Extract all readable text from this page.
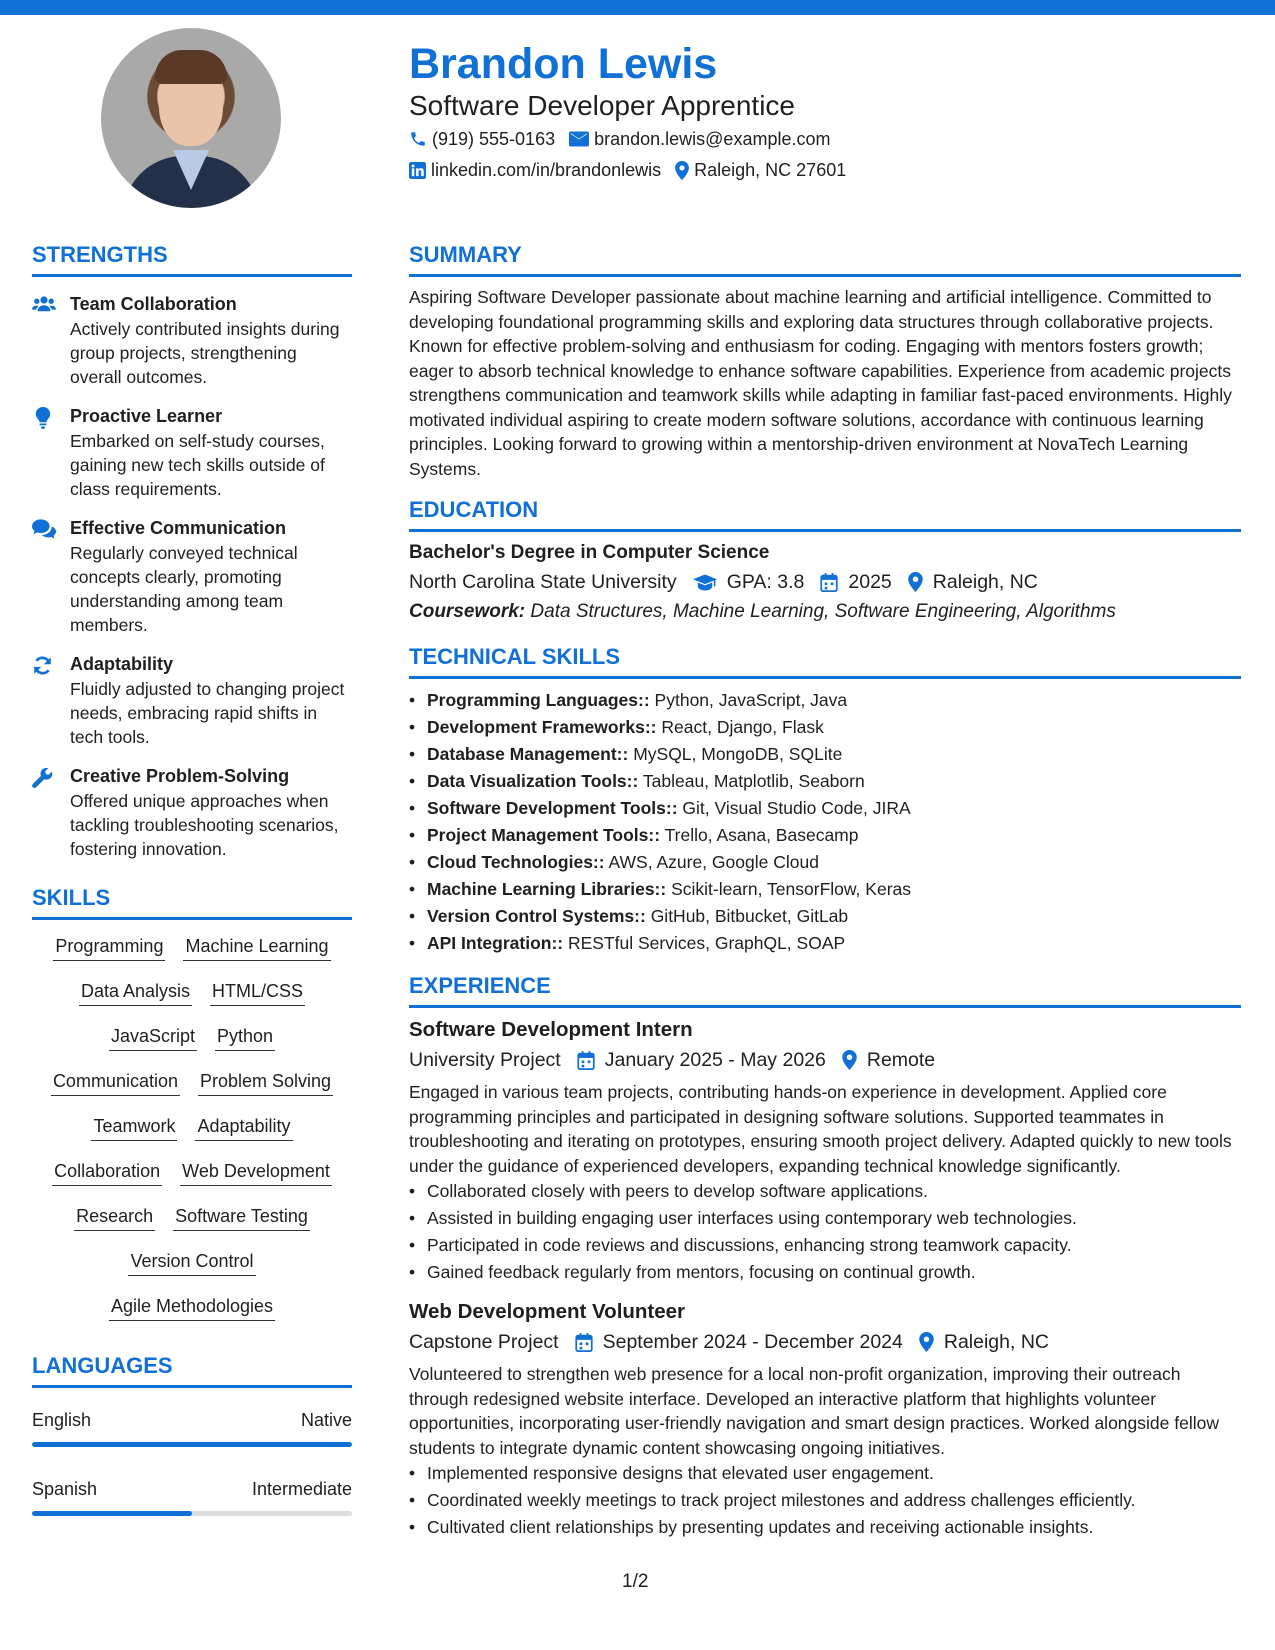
Brandon Lewis
Software Developer Apprentice
(919) 555-0163 brandon.lewis@example.com
linkedin.com/in/brandonlewis Raleigh, NC 27601
STRENGTHS
Team Collaboration
Actively contributed insights during group projects, strengthening overall outcomes.
Proactive Learner
Embarked on self-study courses, gaining new tech skills outside of class requirements.
Effective Communication
Regularly conveyed technical concepts clearly, promoting understanding among team members.
Adaptability
Fluidly adjusted to changing project needs, embracing rapid shifts in tech tools.
Creative Problem-Solving
Offered unique approaches when tackling troubleshooting scenarios, fostering innovation.
SKILLS
Programming Machine Learning
Data Analysis HTML/CSS
JavaScript Python
Communication Problem Solving
Teamwork Adaptability
Collaboration Web Development
Research Software Testing
Version Control
Agile Methodologies
LANGUAGES
English	Native
Spanish	Intermediate
SUMMARY
Aspiring Software Developer passionate about machine learning and artificial intelligence. Committed to developing foundational programming skills and exploring data structures through collaborative projects. Known for effective problem-solving and enthusiasm for coding. Engaging with mentors fosters growth; eager to absorb technical knowledge to enhance software capabilities. Experience from academic projects strengthens communication and teamwork skills while adapting in familiar fast-paced environments. Highly motivated individual aspiring to create modern software solutions, accordance with continuous learning principles. Looking forward to growing within a mentorship-driven environment at NovaTech Learning Systems.
EDUCATION
Bachelor's Degree in Computer Science
North Carolina State University	GPA: 3.8 2025 Raleigh, NC
Coursework: Data Structures, Machine Learning, Software Engineering, Algorithms
TECHNICAL SKILLS
• Programming Languages:: Python, JavaScript, Java
• Development Frameworks:: React, Django, Flask
• Database Management:: MySQL, MongoDB, SQLite
• Data Visualization Tools:: Tableau, Matplotlib, Seaborn
• Software Development Tools:: Git, Visual Studio Code, JIRA
• Project Management Tools:: Trello, Asana, Basecamp
• Cloud Technologies:: AWS, Azure, Google Cloud
• Machine Learning Libraries:: Scikit-learn, TensorFlow, Keras
• Version Control Systems:: GitHub, Bitbucket, GitLab
• API Integration:: RESTful Services, GraphQL, SOAP
EXPERIENCE
Software Development Intern
University Project January 2025 - May 2026 Remote
Engaged in various team projects, contributing hands-on experience in development. Applied core programming principles and participated in designing software solutions. Supported teammates in troubleshooting and iterating on prototypes, ensuring smooth project delivery. Adapted quickly to new tools under the guidance of experienced developers, expanding technical knowledge significantly.
• Collaborated closely with peers to develop software applications.
• Assisted in building engaging user interfaces using contemporary web technologies.
• Participated in code reviews and discussions, enhancing strong teamwork capacity.
• Gained feedback regularly from mentors, focusing on continual growth.
Web Development Volunteer
Capstone Project September 2024 - December 2024 Raleigh, NC
Volunteered to strengthen web presence for a local non-profit organization, improving their outreach through redesigned website interface. Developed an interactive platform that highlights volunteer opportunities, incorporating user-friendly navigation and smart design practices. Worked alongside fellow students to integrate dynamic content showcasing ongoing initiatives.
• Implemented responsive designs that elevated user engagement.
• Coordinated weekly meetings to track project milestones and address challenges efficiently.
• Cultivated client relationships by presenting updates and receiving actionable insights.
1/2
